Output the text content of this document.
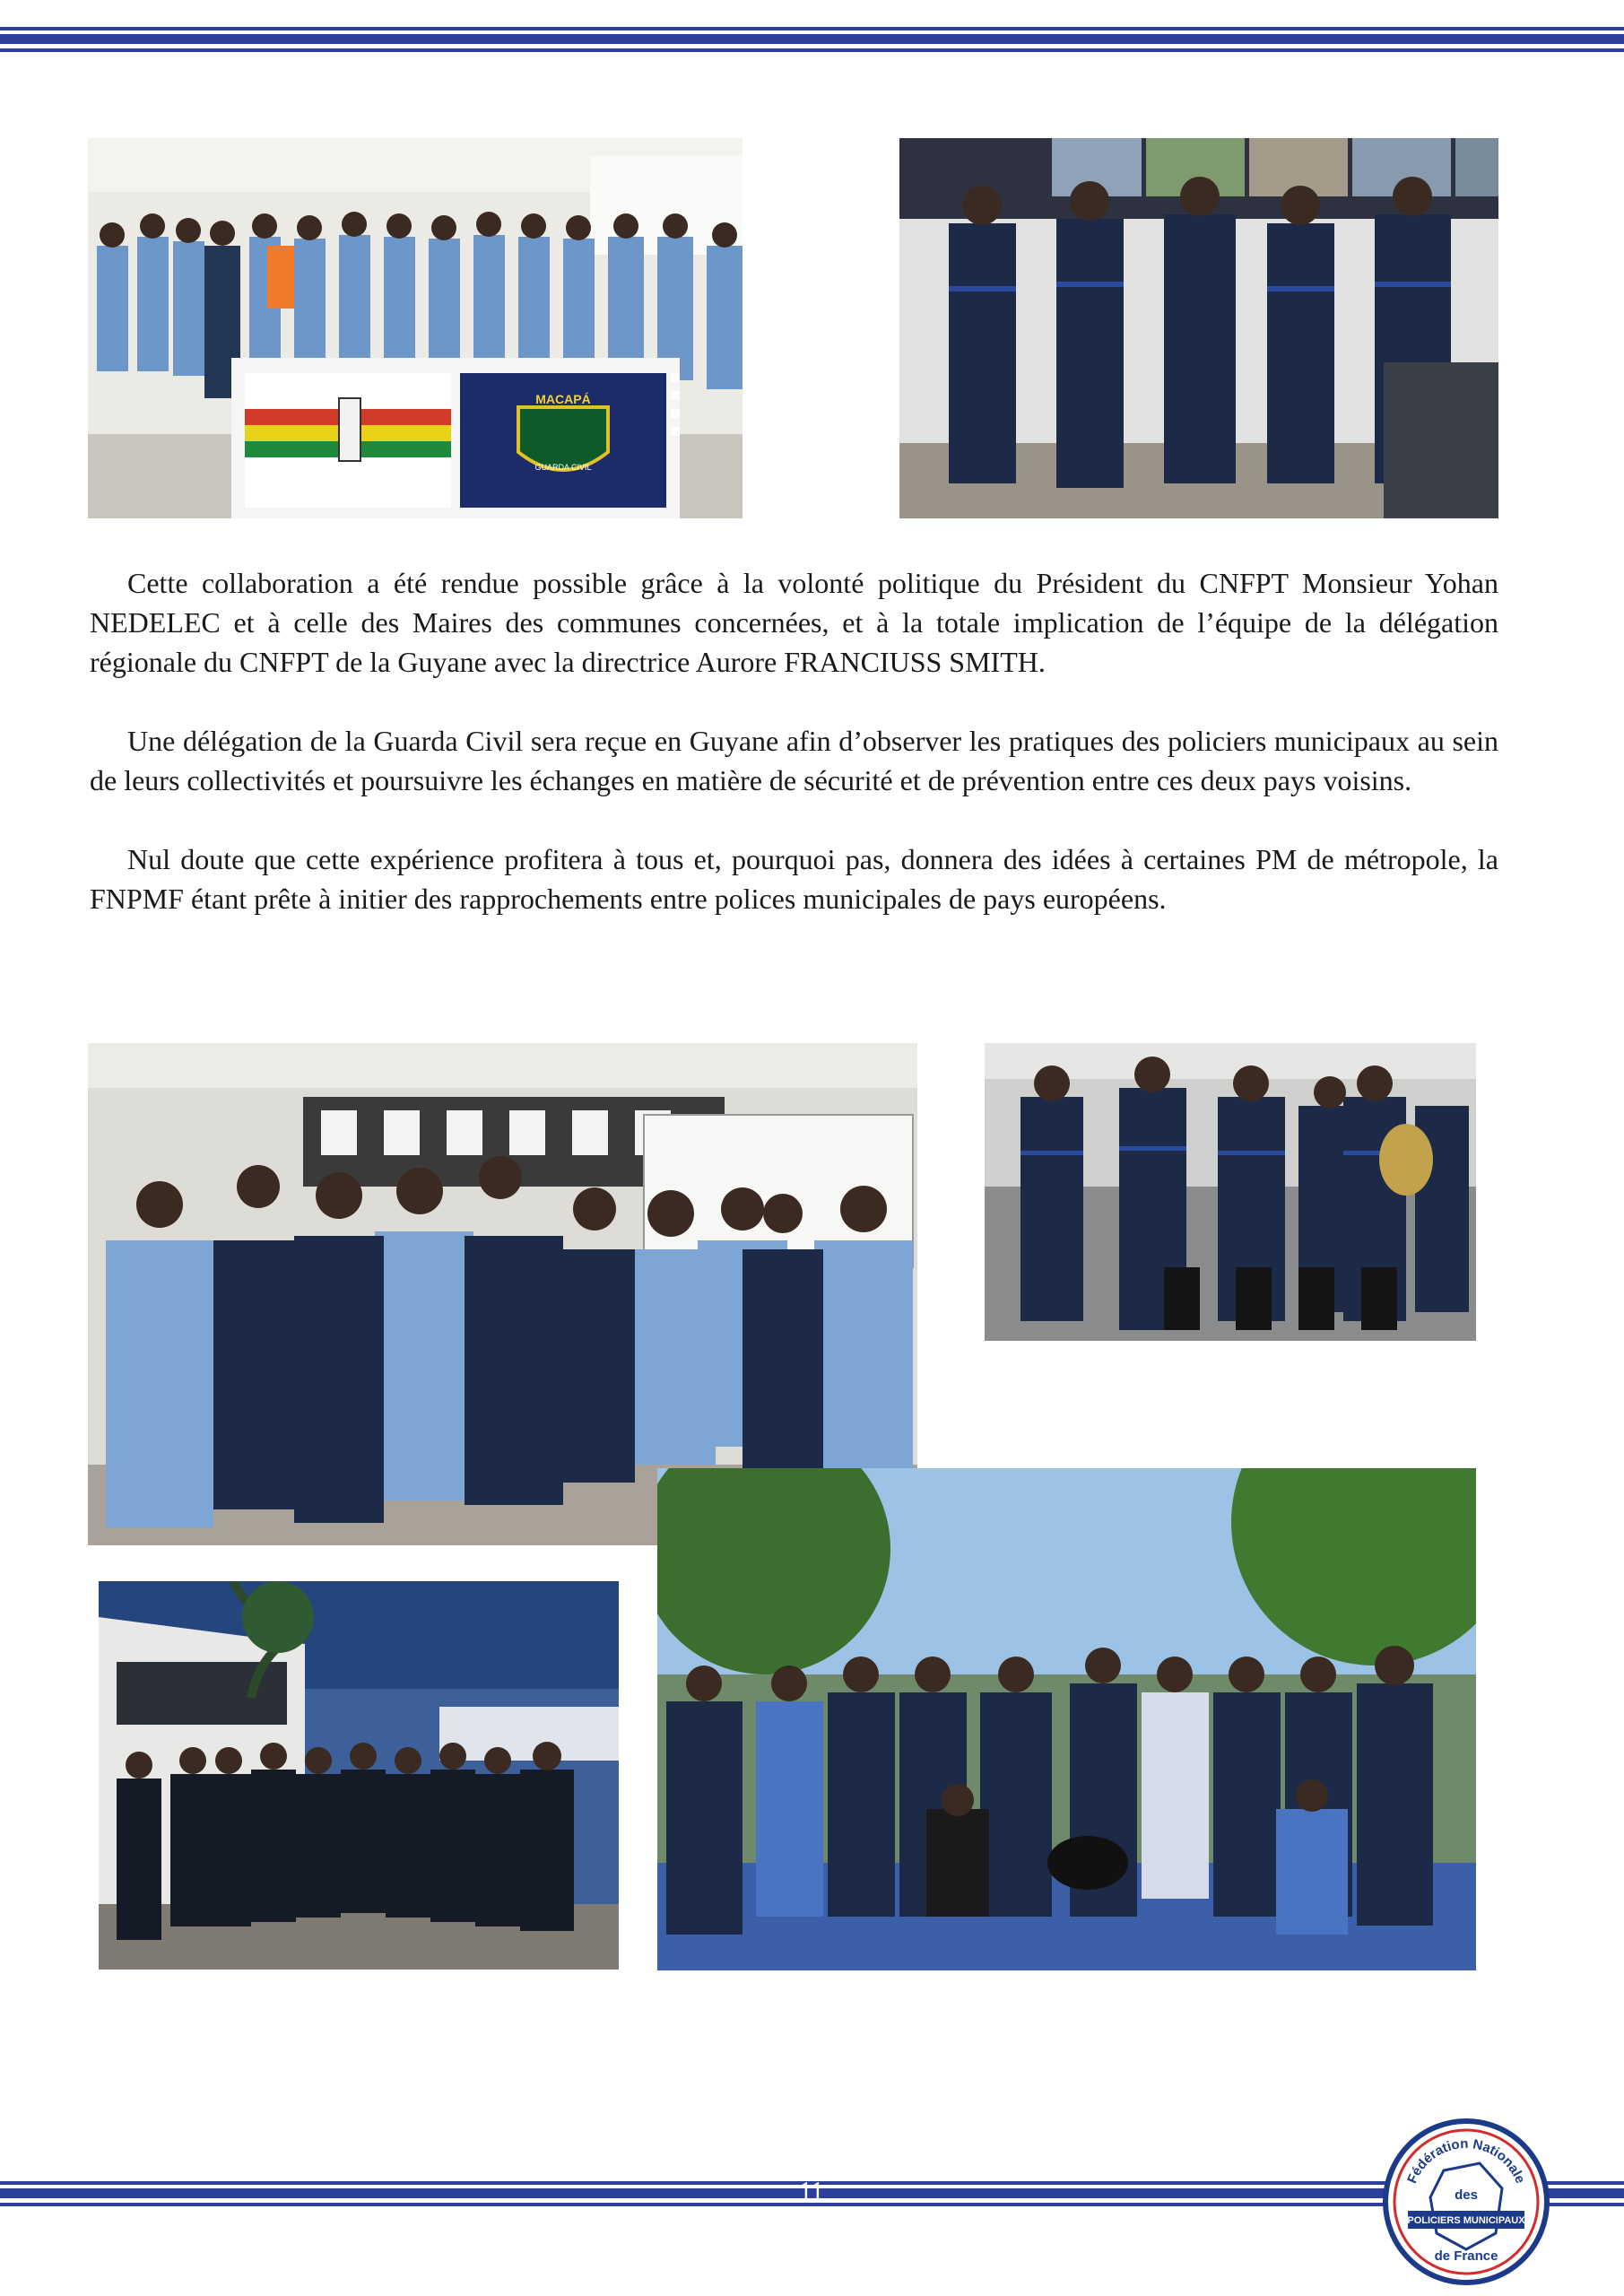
MACAPÁ
GUARDA CIVIL

Cette collaboration a été rendue possible grâce à la volonté politique du Président du CNFPT Monsieur Yohan NEDELEC et à celle des Maires des communes concernées, et à la totale implication de l’équipe de la délégation régionale du CNFPT de la Guyane avec la directrice Aurore FRANCIUSS SMITH.

Une délégation de la Guarda Civil sera reçue en Guyane afin d’observer les pratiques des policiers municipaux au sein de leurs collectivités et poursuivre les échanges en matière de sécurité et de prévention entre ces deux pays voisins.

Nul doute que cette expérience profitera à tous et, pourquoi pas, donnera des idées à certaines PM de métropole, la FNPMF étant prête à initier des rapprochements entre polices municipales de pays européens.

11	Fédération Nationale
des
POLICIERS MUNICIPAUX
de France
